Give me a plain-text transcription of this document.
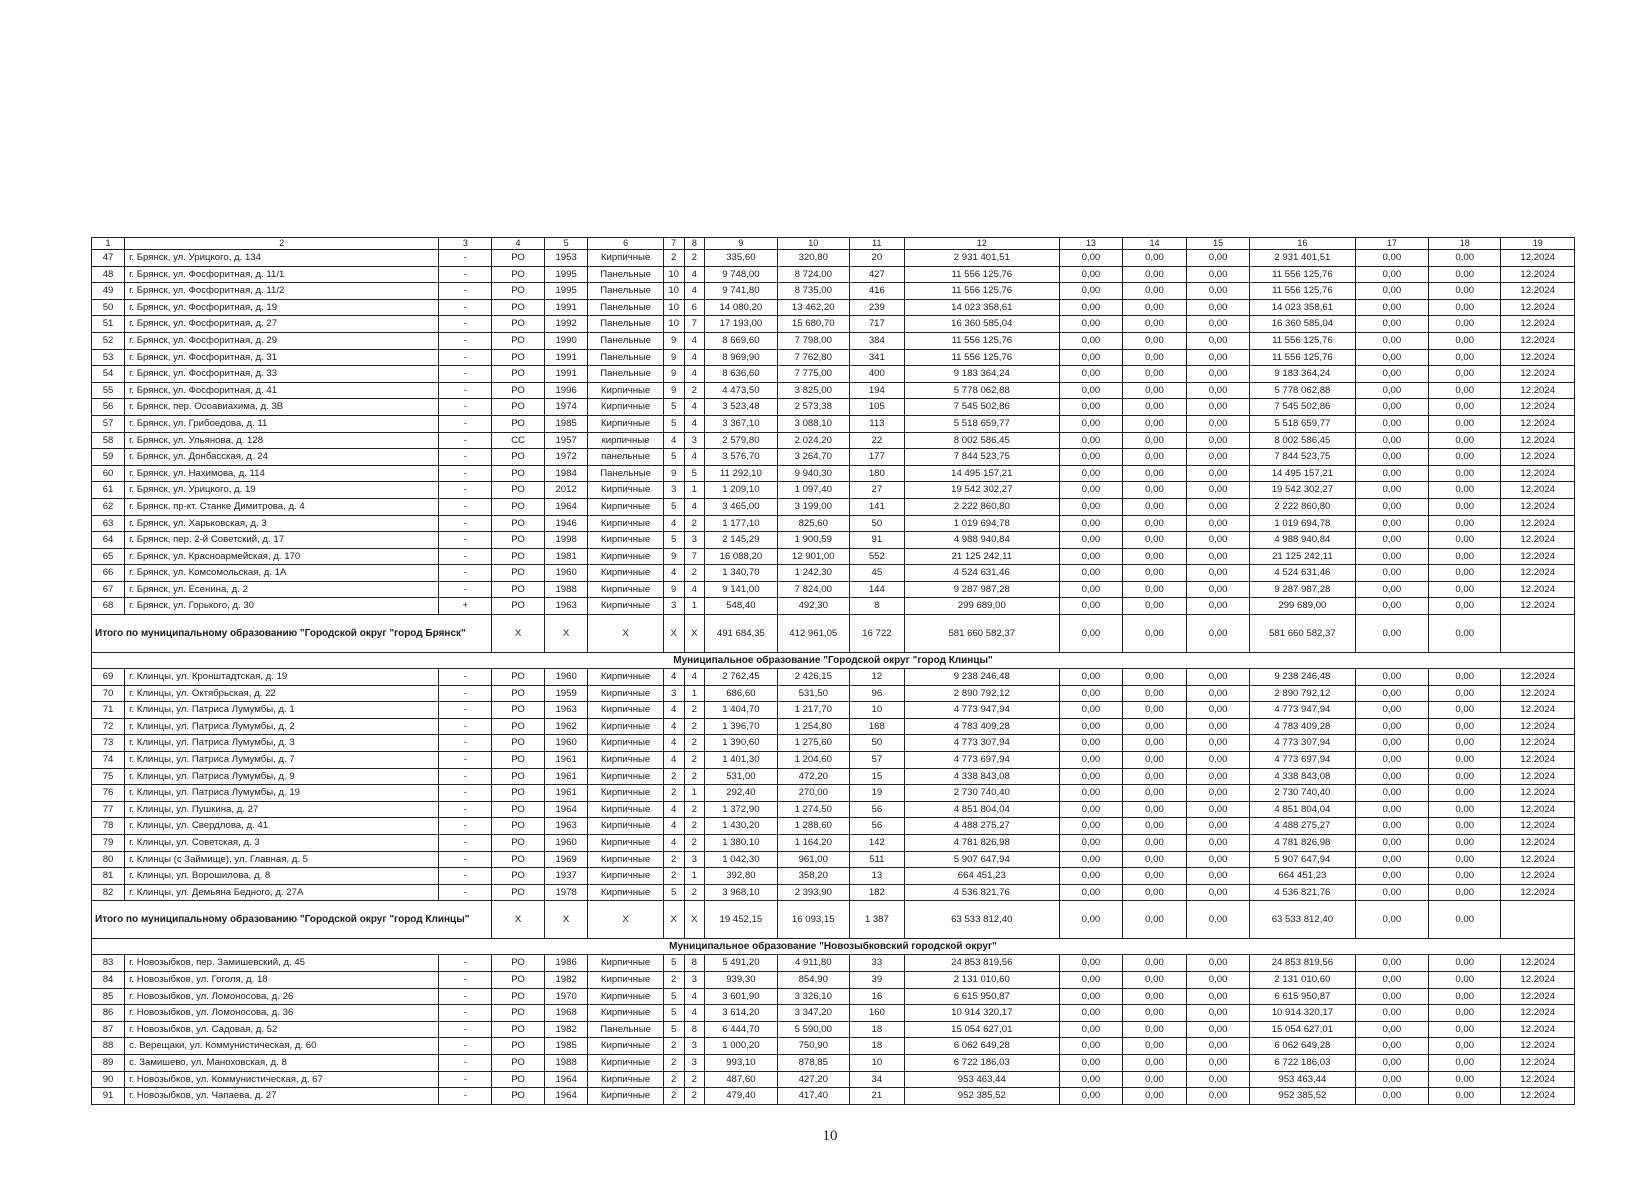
1	2	3	4	5	6	7	8	9	10	11	12	13	14	15	16	17	18	19
47	г. Брянск, ул. Урицкого, д. 134	-	РО	1953	Кирпичные	2	2	335,60	320,80	20	2 931 401,51	0,00	0,00	0,00	2 931 401,51	0,00	0,00	12.2024
48	г. Брянск, ул. Фосфоритная, д. 11/1	-	РО	1995	Панельные	10	4	9 748,00	8 724,00	427	11 556 125,76	0,00	0,00	0,00	11 556 125,76	0,00	0,00	12.2024
49	г. Брянск, ул. Фосфоритная, д. 11/2	-	РО	1995	Панельные	10	4	9 741,80	8 735,00	416	11 556 125,76	0,00	0,00	0,00	11 556 125,76	0,00	0,00	12.2024
50	г. Брянск, ул. Фосфоритная, д. 19	-	РО	1991	Панельные	10	6	14 080,20	13 462,20	239	14 023 358,61	0,00	0,00	0,00	14 023 358,61	0,00	0,00	12.2024
51	г. Брянск, ул. Фосфоритная, д. 27	-	РО	1992	Панельные	10	7	17 193,00	15 680,70	717	16 360 585,04	0,00	0,00	0,00	16 360 585,04	0,00	0,00	12.2024
52	г. Брянск, ул. Фосфоритная, д. 29	-	РО	1990	Панельные	9	4	8 669,60	7 798,00	384	11 556 125,76	0,00	0,00	0,00	11 556 125,76	0,00	0,00	12.2024
53	г. Брянск, ул. Фосфоритная, д. 31	-	РО	1991	Панельные	9	4	8 969,90	7 762,80	341	11 556 125,76	0,00	0,00	0,00	11 556 125,76	0,00	0,00	12.2024
54	г. Брянск, ул. Фосфоритная, д. 33	-	РО	1991	Панельные	9	4	8 636,60	7 775,00	400	9 183 364,24	0,00	0,00	0,00	9 183 364,24	0,00	0,00	12.2024
55	г. Брянск, ул. Фосфоритная, д. 41	-	РО	1996	Кирпичные	9	2	4 473,50	3 825,00	194	5 778 062,88	0,00	0,00	0,00	5 778 062,88	0,00	0,00	12.2024
56	г. Брянск, пер. Осоавиахима, д. 3В	-	РО	1974	Кирпичные	5	4	3 523,48	2 573,38	105	7 545 502,86	0,00	0,00	0,00	7 545 502,86	0,00	0,00	12.2024
57	г. Брянск, ул. Грибоедова, д. 11	-	РО	1985	Кирпичные	5	4	3 367,10	3 088,10	113	5 518 659,77	0,00	0,00	0,00	5 518 659,77	0,00	0,00	12.2024
58	г. Брянск, ул. Ульянова, д. 128	-	СС	1957	кирпичные	4	3	2 579,80	2 024,20	22	8 002 586,45	0,00	0,00	0,00	8 002 586,45	0,00	0,00	12.2024
59	г. Брянск, ул. Донбасская, д. 24	-	РО	1972	панельные	5	4	3 576,70	3 264,70	177	7 844 523,75	0,00	0,00	0,00	7 844 523,75	0,00	0,00	12.2024
60	г. Брянск, ул. Нахимова, д. 114	-	РО	1984	Панельные	9	5	11 292,10	9 940,30	180	14 495 157,21	0,00	0,00	0,00	14 495 157,21	0,00	0,00	12.2024
61	г. Брянск, ул. Урицкого, д. 19	-	РО	2012	Кирпичные	3	1	1 209,10	1 097,40	27	19 542 302,27	0,00	0,00	0,00	19 542 302,27	0,00	0,00	12.2024
62	г. Брянск, пр-кт. Станке Димитрова, д. 4	-	РО	1964	Кирпичные	5	4	3 465,00	3 199,00	141	2 222 860,80	0,00	0,00	0,00	2 222 860,80	0,00	0,00	12.2024
63	г. Брянск, ул. Харьковская, д. 3	-	РО	1946	Кирпичные	4	2	1 177,10	825,60	50	1 019 694,78	0,00	0,00	0,00	1 019 694,78	0,00	0,00	12.2024
64	г. Брянск, пер. 2-й Советский, д. 17	-	РО	1998	Кирпичные	5	3	2 145,29	1 900,59	91	4 988 940,84	0,00	0,00	0,00	4 988 940,84	0,00	0,00	12.2024
65	г. Брянск, ул. Красноармейская, д. 170	-	РО	1981	Кирпичные	9	7	16 088,20	12 901,00	552	21 125 242,11	0,00	0,00	0,00	21 125 242,11	0,00	0,00	12.2024
66	г. Брянск, ул. Комсомольская, д. 1А	-	РО	1960	Кирпичные	4	2	1 340,70	1 242,30	45	4 524 631,46	0,00	0,00	0,00	4 524 631,46	0,00	0,00	12.2024
67	г. Брянск, ул. Есенина, д. 2	-	РО	1988	Кирпичные	9	4	9 141,00	7 824,00	144	9 287 987,28	0,00	0,00	0,00	9 287 987,28	0,00	0,00	12.2024
68	г. Брянск, ул. Горького, д. 30	+	РО	1963	Кирпичные	3	1	548,40	492,30	8	299 689,00	0,00	0,00	0,00	299 689,00	0,00	0,00	12.2024
Итого по муниципальному образованию "Городской округ "город Брянск"			X	X	X	X	X	491 684,35	412 961,05	16 722	581 660 582,37	0,00	0,00	0,00	581 660 582,37	0,00	0,00	
Муниципальное образование "Городской округ "город Клинцы"																		
69	г. Клинцы, ул. Кронштадтская, д. 19	-	РО	1960	Кирпичные	4	4	2 762,45	2 426,15	12	9 238 246,48	0,00	0,00	0,00	9 238 246,48	0,00	0,00	12.2024
70	г. Клинцы, ул. Октябрьская, д. 22	-	РО	1959	Кирпичные	3	1	686,60	531,50	96	2 890 792,12	0,00	0,00	0,00	2 890 792,12	0,00	0,00	12.2024
71	г. Клинцы, ул. Патриса Лумумбы, д. 1	-	РО	1963	Кирпичные	4	2	1 404,70	1 217,70	10	4 773 947,94	0,00	0,00	0,00	4 773 947,94	0,00	0,00	12.2024
72	г. Клинцы, ул. Патриса Лумумбы, д. 2	-	РО	1962	Кирпичные	4	2	1 396,70	1 254,80	168	4 783 409,28	0,00	0,00	0,00	4 783 409,28	0,00	0,00	12.2024
73	г. Клинцы, ул. Патриса Лумумбы, д. 3	-	РО	1960	Кирпичные	4	2	1 390,60	1 275,60	50	4 773 307,94	0,00	0,00	0,00	4 773 307,94	0,00	0,00	12.2024
74	г. Клинцы, ул. Патриса Лумумбы, д. 7	-	РО	1961	Кирпичные	4	2	1 401,30	1 204,60	57	4 773 697,94	0,00	0,00	0,00	4 773 697,94	0,00	0,00	12.2024
75	г. Клинцы, ул. Патриса Лумумбы, д. 9	-	РО	1961	Кирпичные	2	2	531,00	472,20	15	4 338 843,08	0,00	0,00	0,00	4 338 843,08	0,00	0,00	12.2024
76	г. Клинцы, ул. Патриса Лумумбы, д. 19	-	РО	1961	Кирпичные	2	1	292,40	270,00	19	2 730 740,40	0,00	0,00	0,00	2 730 740,40	0,00	0,00	12.2024
77	г. Клинцы, ул. Пушкина, д. 27	-	РО	1964	Кирпичные	4	2	1 372,90	1 274,50	56	4 851 804,04	0,00	0,00	0,00	4 851 804,04	0,00	0,00	12.2024
78	г. Клинцы, ул. Свердлова, д. 41	-	РО	1963	Кирпичные	4	2	1 430,20	1 288,60	56	4 488 275,27	0,00	0,00	0,00	4 488 275,27	0,00	0,00	12.2024
79	г. Клинцы, ул. Советская, д. 3	-	РО	1960	Кирпичные	4	2	1 380,10	1 164,20	142	4 781 826,98	0,00	0,00	0,00	4 781 826,98	0,00	0,00	12.2024
80	г. Клинцы (с Займище), ул. Главная, д. 5	-	РО	1969	Кирпичные	2	3	1 042,30	961,00	511	5 907 647,94	0,00	0,00	0,00	5 907 647,94	0,00	0,00	12.2024
81	г. Клинцы, ул. Ворошилова, д. 8	-	РО	1937	Кирпичные	2	1	392,80	358,20	13	664 451,23	0,00	0,00	0,00	664 451,23	0,00	0,00	12.2024
82	г. Клинцы, ул. Демьяна Бедного, д. 27А	-	РО	1978	Кирпичные	5	2	3 968,10	2 393,90	182	4 536 821,76	0,00	0,00	0,00	4 536 821,76	0,00	0,00	12.2024
Итого по муниципальному образованию "Городской округ "город Клинцы"			X	X	X	X	X	19 452,15	16 093,15	1 387	63 533 812,40	0,00	0,00	0,00	63 533 812,40	0,00	0,00	
Муниципальное образование "Новозыбковский городской округ"																		
83	г. Новозыбков, пер. Замишевский, д. 45	-	РО	1986	Кирпичные	5	8	5 491,20	4 911,80	33	24 853 819,56	0,00	0,00	0,00	24 853 819,56	0,00	0,00	12.2024
84	г. Новозыбков, ул. Гоголя, д. 18	-	РО	1982	Кирпичные	2	3	939,30	854,90	39	2 131 010,60	0,00	0,00	0,00	2 131 010,60	0,00	0,00	12.2024
85	г. Новозыбков, ул. Ломоносова, д. 26	-	РО	1970	Кирпичные	5	4	3 601,90	3 326,10	16	6 615 950,87	0,00	0,00	0,00	6 615 950,87	0,00	0,00	12.2024
86	г. Новозыбков, ул. Ломоносова, д. 36	-	РО	1968	Кирпичные	5	4	3 614,20	3 347,20	160	10 914 320,17	0,00	0,00	0,00	10 914 320,17	0,00	0,00	12.2024
87	г. Новозыбков, ул. Садовая, д. 52	-	РО	1982	Панельные	5	8	6 444,70	5 590,00	18	15 054 627,01	0,00	0,00	0,00	15 054 627,01	0,00	0,00	12.2024
88	с. Верещаки, ул. Коммунистическая, д. 60	-	РО	1985	Кирпичные	2	3	1 000,20	750,90	18	6 062 649,28	0,00	0,00	0,00	6 062 649,28	0,00	0,00	12.2024
89	с. Замишево, ул. Маноховская, д. 8	-	РО	1988	Кирпичные	2	3	993,10	878,85	10	6 722 186,03	0,00	0,00	0,00	6 722 186,03	0,00	0,00	12.2024
90	г. Новозыбков, ул. Коммунистическая, д. 67	-	РО	1964	Кирпичные	2	2	487,60	427,20	34	953 463,44	0,00	0,00	0,00	953 463,44	0,00	0,00	12.2024
91	г. Новозыбков, ул. Чапаева, д. 27	-	РО	1964	Кирпичные	2	2	479,40	417,40	21	952 385,52	0,00	0,00	0,00	952 385,52	0,00	0,00	12.2024
10
